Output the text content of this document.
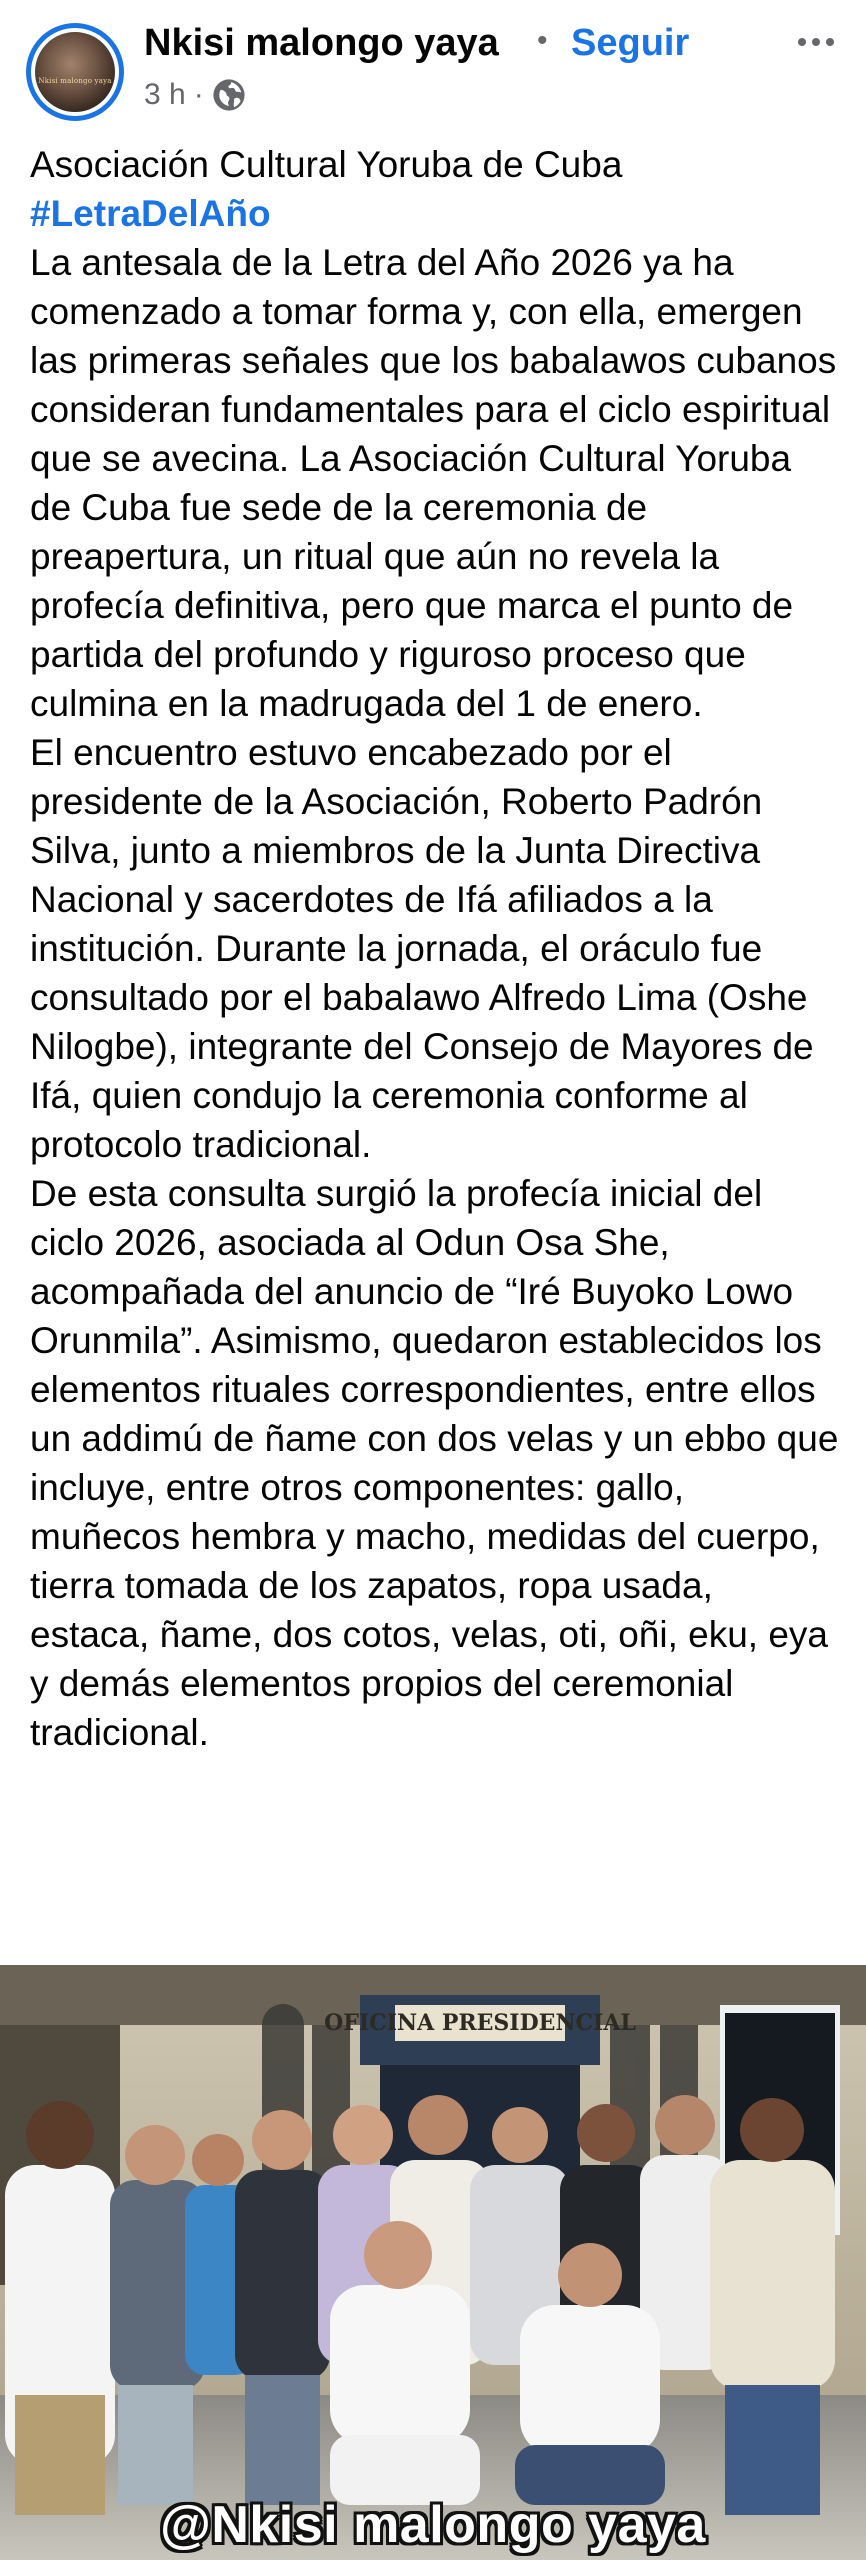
Nkisi malongo yaya
Nkisi malongo yaya • Seguir
3 h ·

Asociación Cultural Yoruba de Cuba

#LetraDelAño

La antesala de la Letra del Año 2026 ya ha comenzado a tomar forma y, con ella, emergen las primeras señales que los babalawos cubanos consideran fundamentales para el ciclo espiritual que se avecina. La Asociación Cultural Yoruba de Cuba fue sede de la ceremonia de preapertura, un ritual que aún no revela la profecía definitiva, pero que marca el punto de partida del profundo y riguroso proceso que culmina en la madrugada del 1 de enero.

El encuentro estuvo encabezado por el presidente de la Asociación, Roberto Padrón Silva, junto a miembros de la Junta Directiva Nacional y sacerdotes de Ifá afiliados a la institución. Durante la jornada, el oráculo fue consultado por el babalawo Alfredo Lima (Oshe Nilogbe), integrante del Consejo de Mayores de Ifá, quien condujo la ceremonia conforme al protocolo tradicional.

De esta consulta surgió la profecía inicial del ciclo 2026, asociada al Odun Osa She, acompañada del anuncio de “Iré Buyoko Lowo Orunmila”. Asimismo, quedaron establecidos los elementos rituales correspondientes, entre ellos un addimú de ñame con dos velas y un ebbo que incluye, entre otros componentes: gallo, muñecos hembra y macho, medidas del cuerpo, tierra tomada de los zapatos, ropa usada, estaca, ñame, dos cotos, velas, oti, oñi, eku, eya y demás elementos propios del ceremonial tradicional.

OFICINA PRESIDENCIAL
@Nkisi malongo yaya
